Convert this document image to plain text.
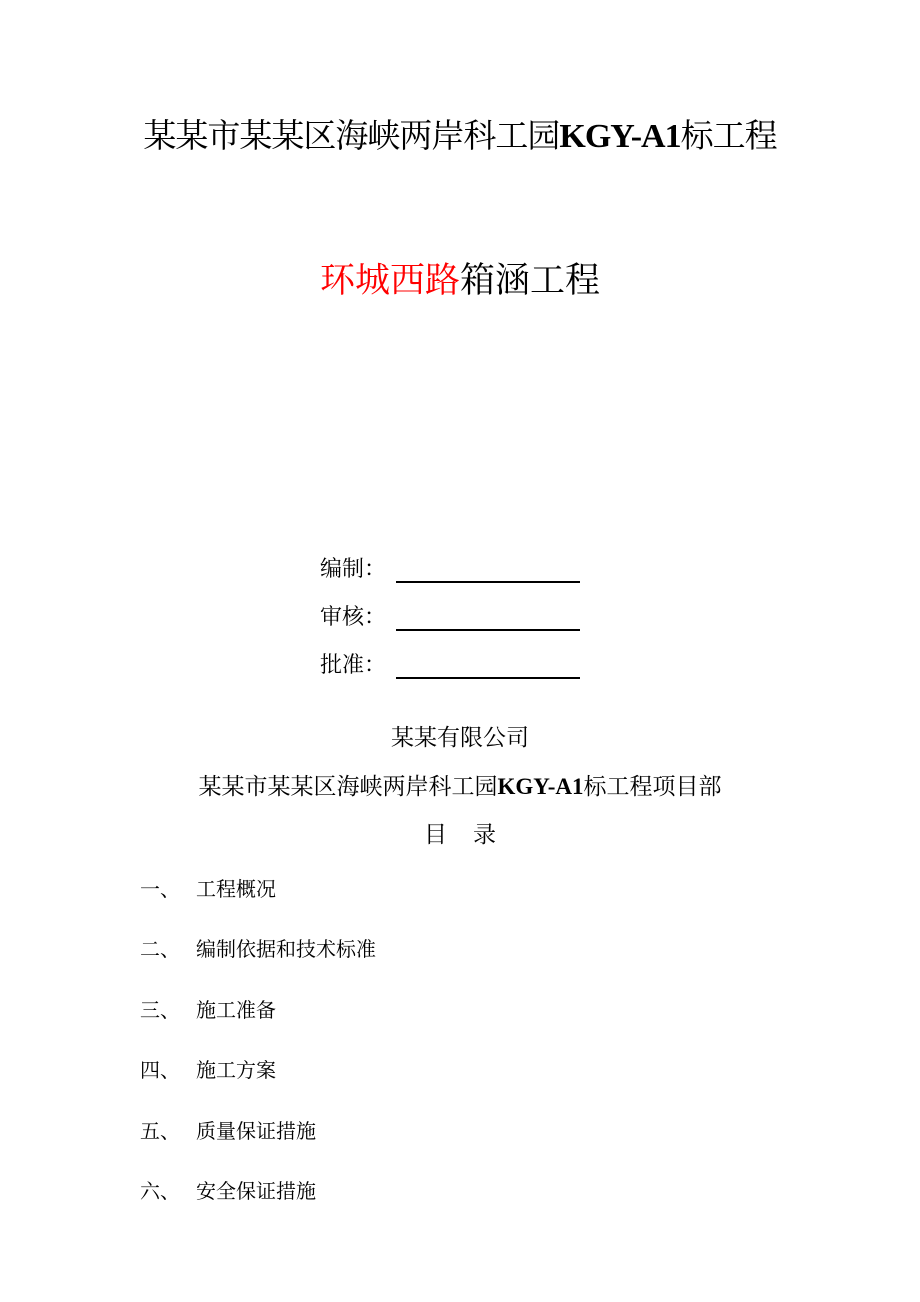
某某市某某区海峡两岸科工园KGY-A1标工程
环城西路箱涵工程
编制：
审核：
批准：
某某有限公司
某某市某某区海峡两岸科工园KGY-A1标工程项目部
目 录
一、 工程概况
二、 编制依据和技术标准
三、 施工准备
四、 施工方案
五、 质量保证措施
六、 安全保证措施
